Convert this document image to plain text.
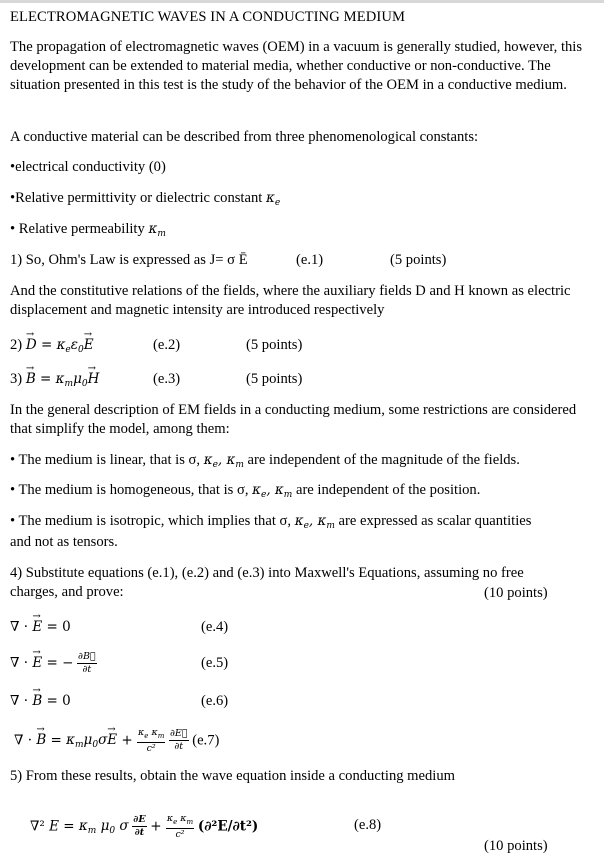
ELECTROMAGNETIC WAVES IN A CONDUCTING MEDIUM
The propagation of electromagnetic waves (OEM) in a vacuum is generally studied, however, this development can be extended to material media, whether conductive or non-conductive. The situation presented in this test is the study of the behavior of the OEM in a conductive medium.
A conductive material can be described from three phenomenological constants:
•electrical conductivity (0)
•Relative permittivity or dielectric constant $\kappa_e$
• Relative permeability $\kappa_m$
1) So, Ohm's Law is expressed as J= σ Ē	(e.1)	(5 points)
And the constitutive relations of the fields, where the auxiliary fields D and H known as electric displacement and magnetic intensity are introduced respectively
$2) \to D = \kappa_e\varepsilon_0\to E$	(e.2)	(5 points)
$3) \to B = \kappa_m\mu_0\to H$	(e.3)	(5 points)
In the general description of EM fields in a conducting medium, some restrictions are considered that simplify the model, among them:
• The medium is linear, that is σ, $\kappa_e$, $\kappa_m$ are independent of the magnitude of the fields.
• The medium is homogeneous, that is σ, $\kappa_e$, $\kappa_m$ are independent of the position.
• The medium is isotropic, which implies that σ, $\kappa_e$, $\kappa_m$ are expressed as scalar quantities
and not as tensors.
4) Substitute equations (e.1), (e.2) and (e.3) into Maxwell's Equations, assuming no free charges, and prove:	(10 points)
∇ · → E = 0	(e.4)
∇ · → E = − $\frac{\partial B⃗}{\partial t}$	(e.5)
∇ · → B = 0	(e.6)
∇ · → $B = \kappa_m\mu_0\sigma\to E + \frac{\kappa_e \kappa_m}{\text{c²}}$
$\frac{\partial E⃗}{\partial t} (e.7)$
5) From these results, obtain the wave equation inside a conducting medium
∇² $E = \kappa_m$ $\mu_0$ σ $\frac{\partial E}{\partial t} + \frac{\kappa_e \kappa_m}{\text{c²}} (\partial^2E/\partial t^2)$	(e.8)
(10 points)
